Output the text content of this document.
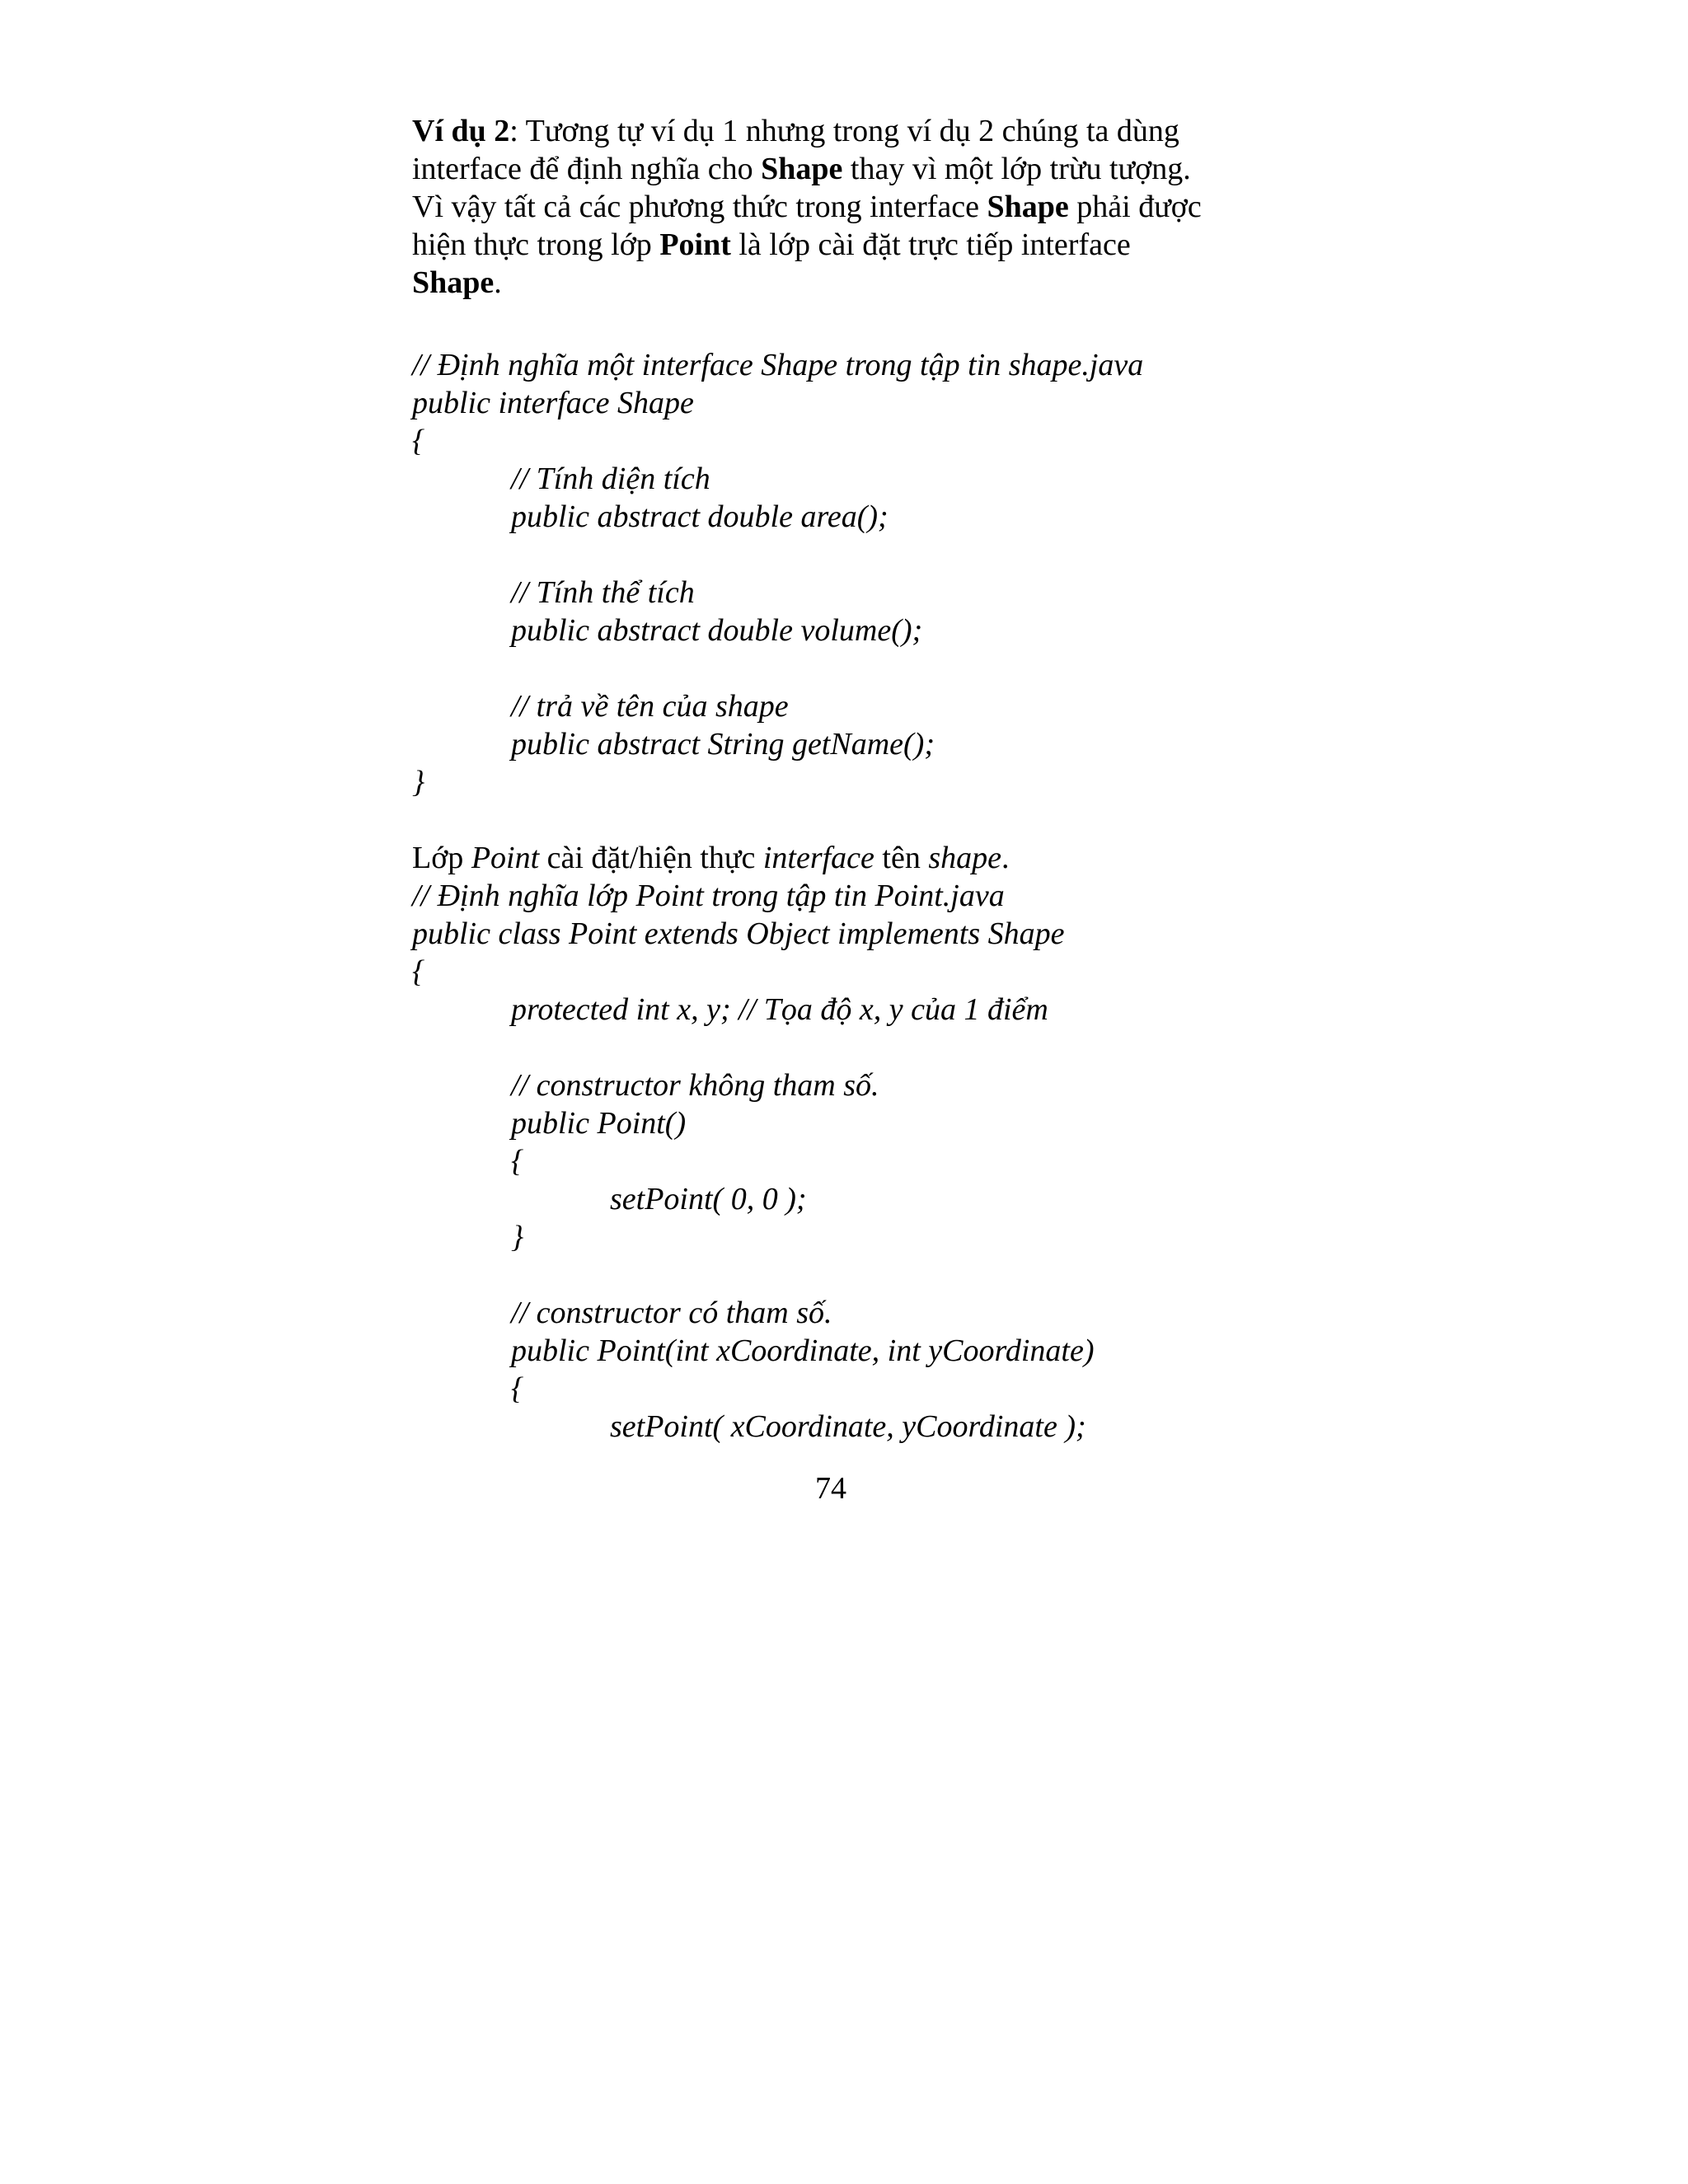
Ví dụ 2: Tương tự ví dụ 1 nhưng trong ví dụ 2 chúng ta dùng
interface để định nghĩa cho Shape thay vì một lớp trừu tượng.
Vì vậy tất cả các phương thức trong interface Shape phải được
hiện thực trong lớp Point là lớp cài đặt trực tiếp interface
Shape.
// Định nghĩa một interface Shape trong tập tin shape.java
public interface Shape
{
// Tính diện tích
public abstract double area();
// Tính thể tích
public abstract double volume();
// trả về tên của shape
public abstract String getName();
}
Lớp Point cài đặt/hiện thực interface tên shape.
// Định nghĩa lớp Point trong tập tin Point.java
public class Point extends Object implements Shape
{
protected int x, y; // Tọa độ x, y của 1 điểm
// constructor không tham số.
public Point()
{
setPoint( 0, 0 );
}
// constructor có tham số.
public Point(int xCoordinate, int yCoordinate)
{
setPoint( xCoordinate, yCoordinate );
74
